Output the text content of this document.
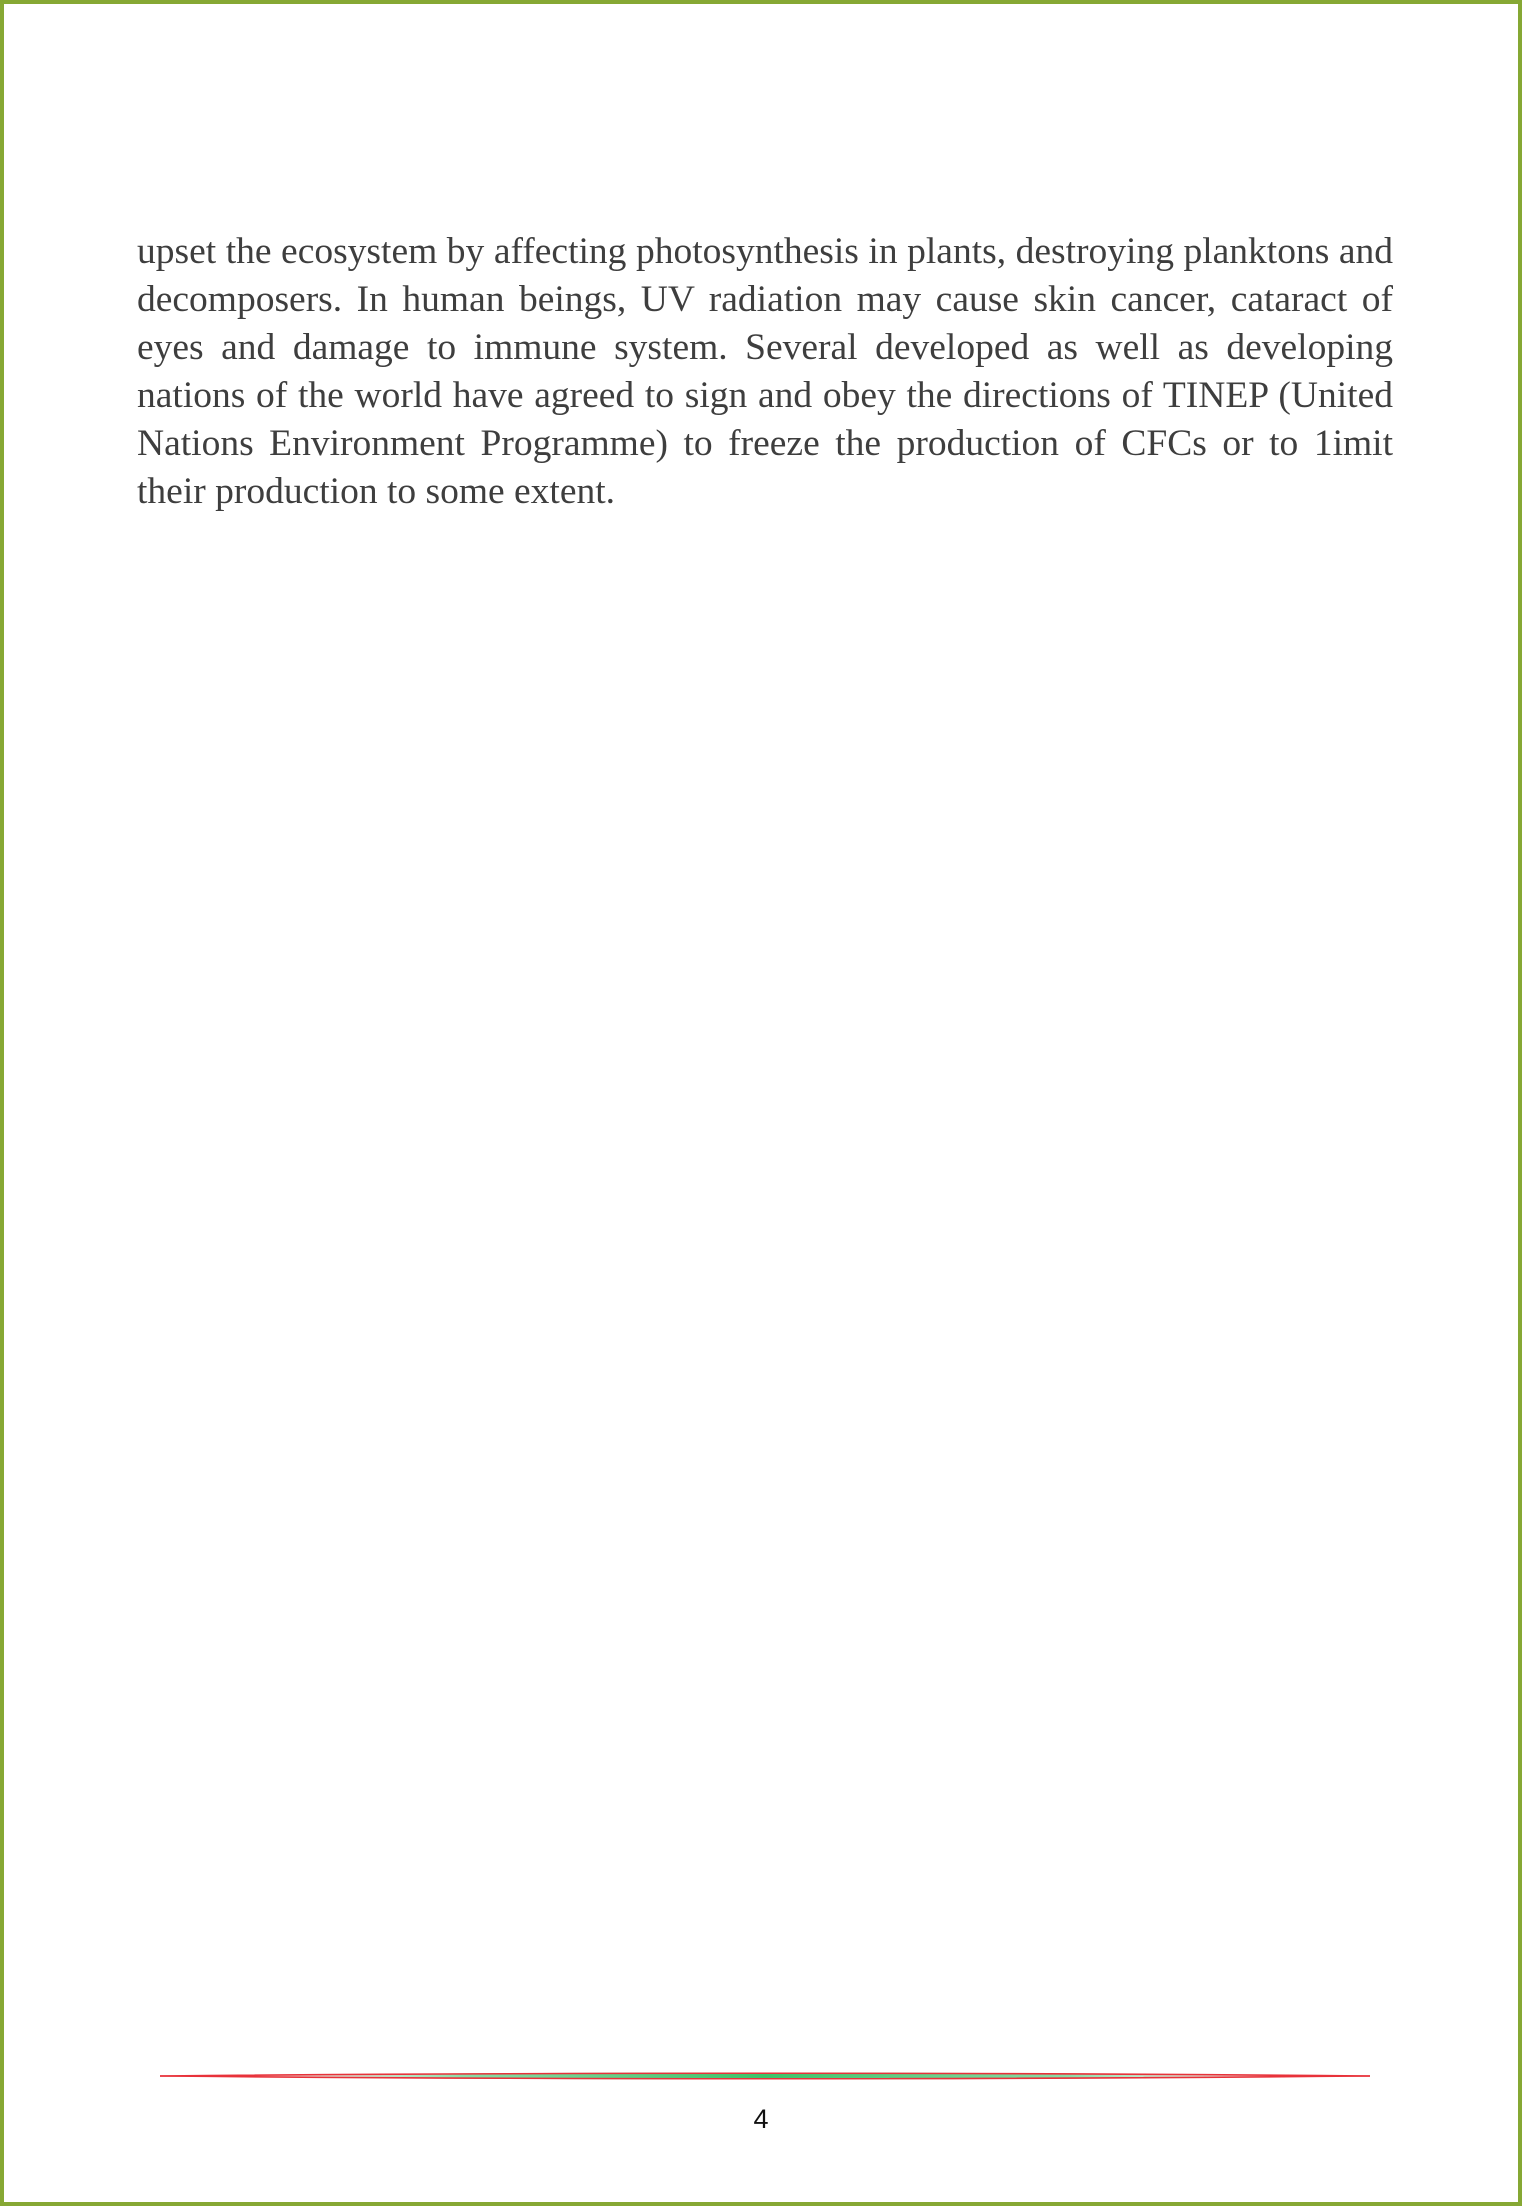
upset the ecosystem by affecting photosynthesis in plants, destroying planktons and decomposers. In human beings, UV radiation may cause skin cancer, cataract of eyes and damage to immune system. Several developed as well as developing nations of the world have agreed to sign and obey the directions of TINEP (United Nations Environment Programme) to freeze the production of CFCs or to 1imit their production to some extent.

4
